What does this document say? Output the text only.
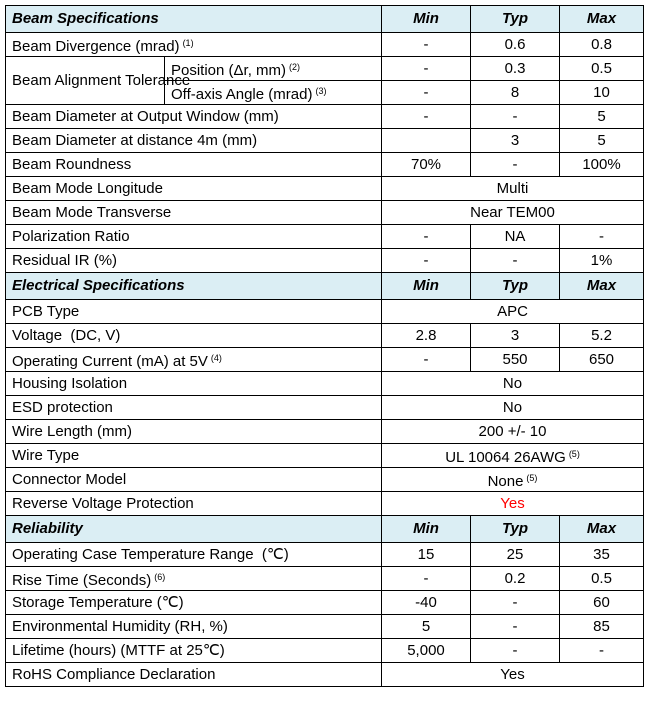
Beam Specifications		Min	Typ	Max
Beam Divergence (mrad) $^{(1)}$		-	0.6	0.8
Beam Alignment Tolerance	Position (Δr, mm) $^{(2)}$	-	0.3	0.5
	Off-axis Angle (mrad) $^{(3)}$	-	8	10
Beam Diameter at Output Window (mm)		-	-	5
Beam Diameter at distance 4m (mm)			3	5
Beam Roundness		70%	-	100%
Beam Mode Longitude		Multi		
Beam Mode Transverse		Near TEM00		
Polarization Ratio		-	NA	-
Residual IR (%)		-	-	1%
Electrical Specifications		Min	Typ	Max
PCB Type		APC		
Voltage  (DC, V)		2.8	3	5.2
Operating Current (mA) at 5V $^{(4)}$		-	550	650
Housing Isolation		No		
ESD protection		No		
Wire Length (mm)		200 +/- 10		
Wire Type		UL 10064 26AWG $^{(5)}$
Connector Model		None $^{(5)}$
Reverse Voltage Protection		Yes		
Reliability		Min	Typ	Max
Operating Case Temperature Range  (℃)		15	25	35
Rise Time (Seconds) $^{(6)}$		-	0.2	0.5
Storage Temperature (℃)		-40	-	60
Environmental Humidity (RH, %)		5	-	85
Lifetime (hours) (MTTF at 25℃)		5,000	-	-
RoHS Compliance Declaration		Yes		
